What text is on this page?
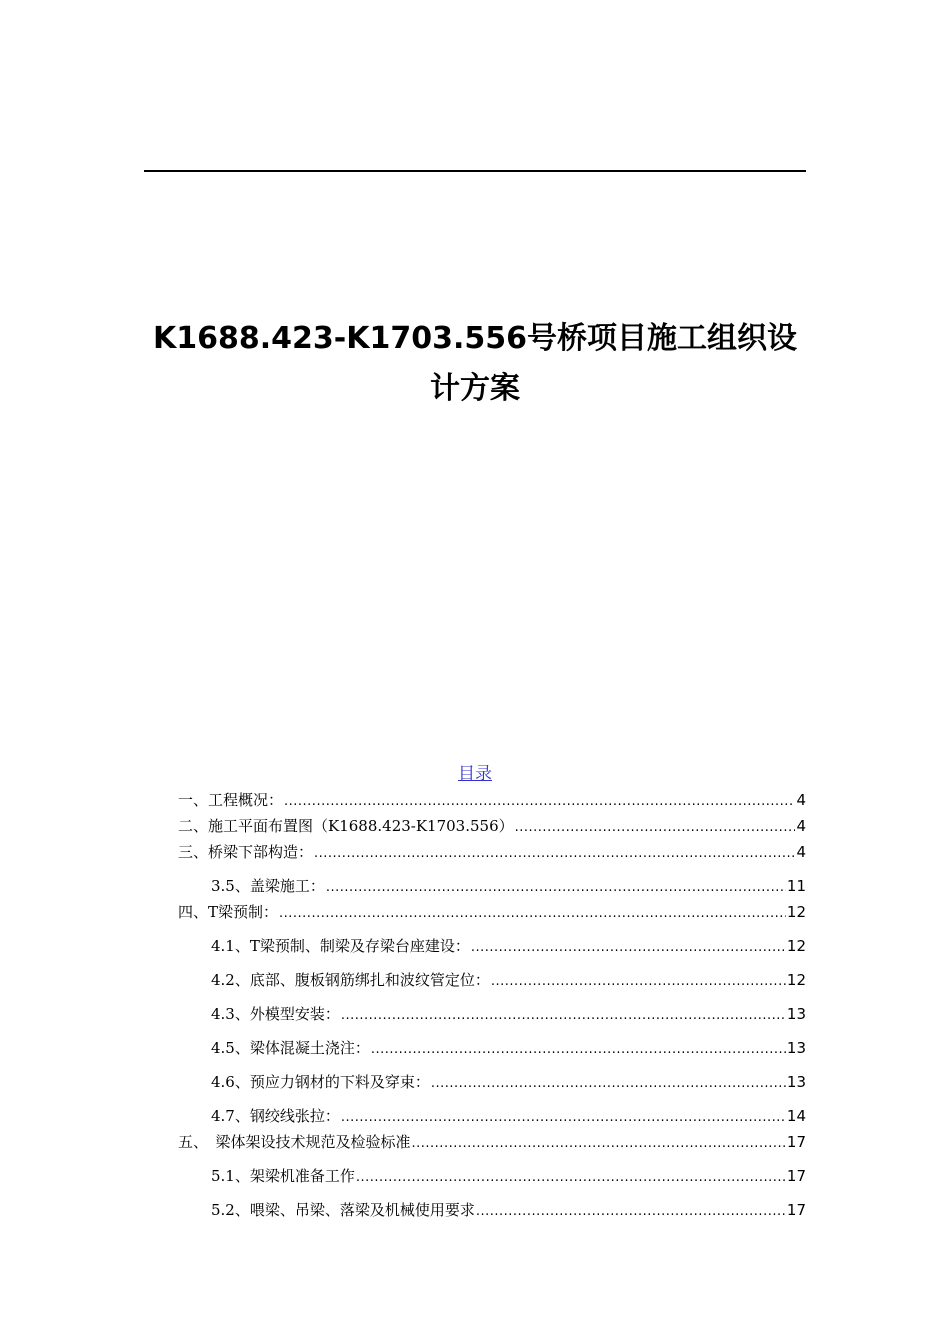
K1688.423-K1703.556号桥项目施工组织设
计方案
目录
一、工程概况： .....	4
二、施工平面布置图（K1688.423-K1703.556） .....	4
三、桥梁下部构造： .....	4
3.5、盖梁施工： .....	11
四、T梁预制： .....	12
4.1、T梁预制、制梁及存梁台座建设： .....	12
4.2、底部、腹板钢筋绑扎和波纹管定位： .....	12
4.3、外模型安装： .....	13
4.5、梁体混凝土浇注： .....	13
4.6、预应力钢材的下料及穿束： .....	13
4.7、钢绞线张拉： .....	14
五、　梁体架设技术规范及检验标准 .....	17
5.1、架梁机准备工作 .....	17
5.2、喂梁、吊梁、落梁及机械使用要求 .....	17
